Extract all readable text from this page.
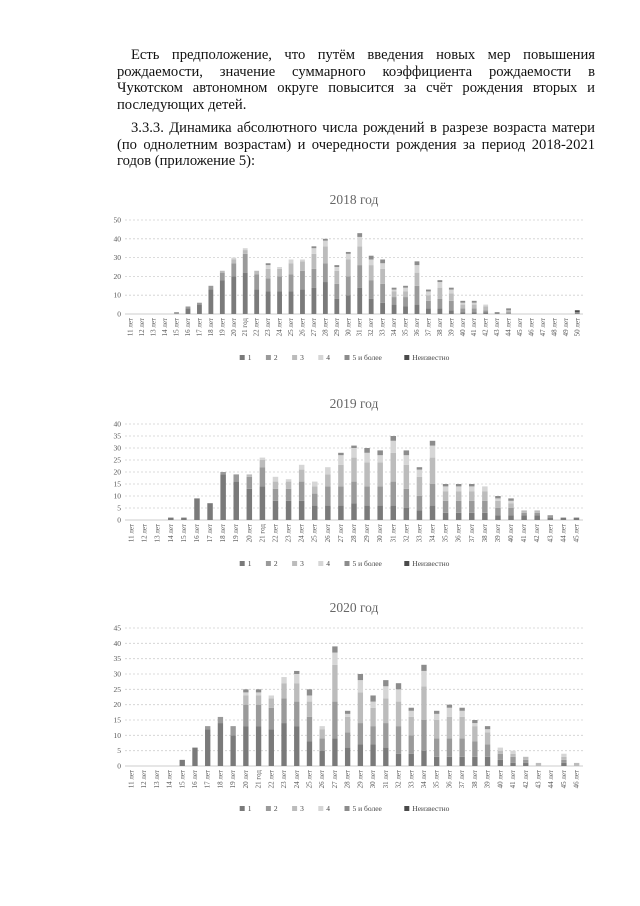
Есть предположение, что путём введения новых мер повышения рождаемости, значение суммарного коэффициента рождаемости в Чукотском автономном округе повысится за счёт рождения вторых и последующих детей.

3.3.3. Динамика абсолютного числа рождений в разрезе возраста матери (по однолетним возрастам) и очередности рождения за период 2018-2021 годов (приложение 5):

2018 год
0
10
20
30
40
50
11 лет 12 лет 13 лет 14 лет 15 лет 16 лет 17 лет 18 лет 19 лет 20 лет 21 год 22 лет 23 лет 24 лет 25 лет 26 лет 27 лет 28 лет 29 лет 30 лет 31 лет 32 лет 33 лет 34 лет 35 лет 36 лет 37 лет 38 лет 39 лет 40 лет 41 лет 42 лет 43 лет 44 лет 45 лет 46 лет 47 лет 48 лет 49 лет 50 лет
1	2	3	4	5 и более	Неизвестно
2019 год
0
5
10
15
20
25
30
35
40
11 лет 12 лет 13 лет 14 лет 15 лет 16 лет 17 лет 18 лет 19 лет 20 лет 21 год 22 лет 23 лет 24 лет 25 лет 26 лет 27 лет 28 лет 29 лет 30 лет 31 лет 32 лет 33 лет 34 лет 35 лет 36 лет 37 лет 38 лет 39 лет 40 лет 41 лет 42 лет 43 лет 44 лет 45 лет
1	2	3	4	5 и более	Неизвестно
2020 год
0
5
10
15
20
25
30
35
40
45
11 лет 12 лет 13 лет 14 лет 15 лет 16 лет 17 лет 18 лет 19 лет 20 лет 21 год 22 лет 23 лет 24 лет 25 лет 26 лет 27 лет 28 лет 29 лет 30 лет 31 лет 32 лет 33 лет 34 лет 35 лет 36 лет 37 лет 38 лет 39 лет 40 лет 41 лет 42 лет 43 лет 44 лет 45 лет 46 лет
1	2	3	4	5 и более	Неизвестно
